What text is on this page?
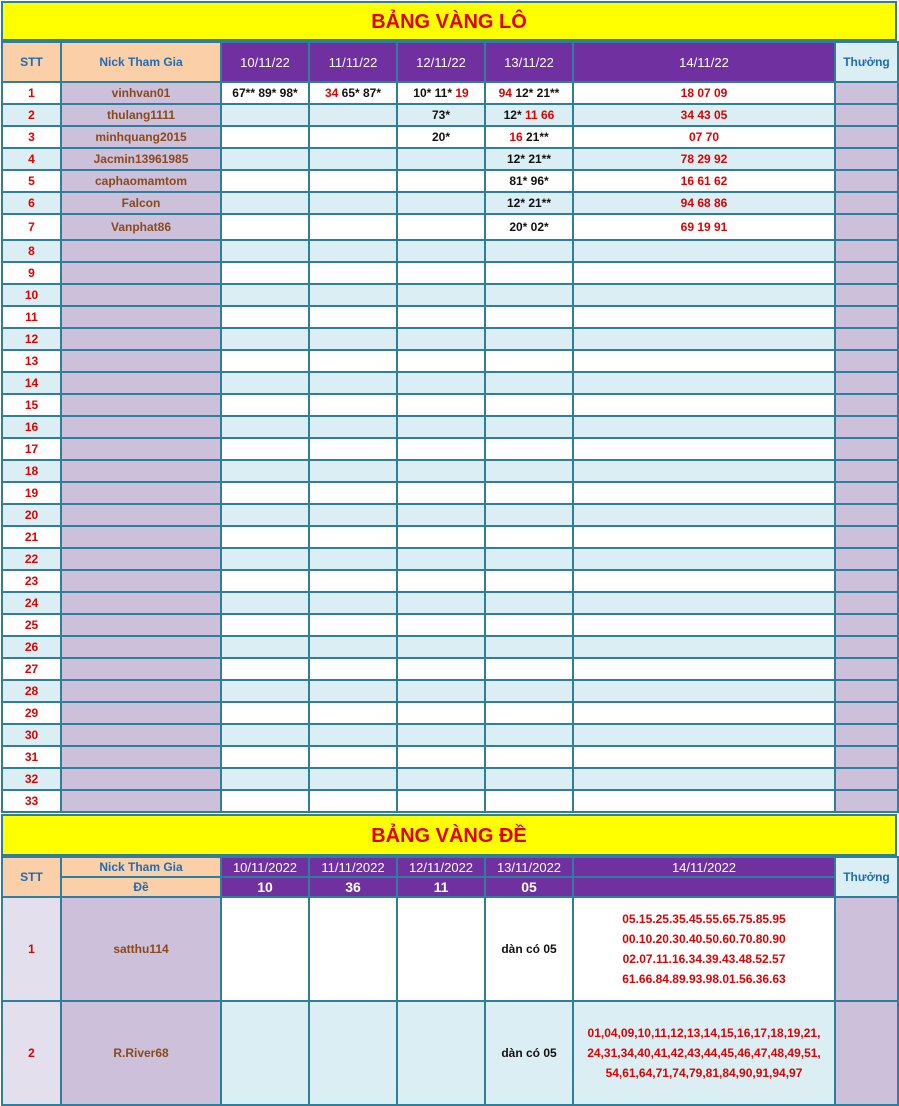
BẢNG VÀNG LÔ
STT	Nick Tham Gia	10/11/22	11/11/22	12/11/22	13/11/22	14/11/22	Thưởng
1	vinhvan01	67** 89* 98*	34 65* 87*	10* 11* 19	94 12* 21**	18 07 09	
2	thulang1111			73*	12* 11 66	34 43 05	
3	minhquang2015			20*	16 21**	07 70	
4	Jacmin13961985				12* 21**	78 29 92	
5	caphaomamtom				81* 96*	16 61 62	
6	Falcon				12* 21**	94 68 86	
7	Vanphat86				20* 02*	69 19 91	
8							
9							
10							
11							
12							
13							
14							
15							
16							
17							
18							
19							
20							
21							
22							
23							
24							
25							
26							
27							
28							
29							
30							
31							
32							
33							
BẢNG VÀNG ĐỀ
STT	Nick Tham Gia	10/11/2022	11/11/2022	12/11/2022	13/11/2022	14/11/2022	Thưởng
	Đề	10	36	11	05		
1	satthu114				dàn có 05	05.15.25.35.45.55.65.75.85.95
00.10.20.30.40.50.60.70.80.90
02.07.11.16.34.39.43.48.52.57
61.66.84.89.93.98.01.56.36.63	

2	R.River68				dàn có 05	01,04,09,10,11,12,13,14,15,16,17,18,19,21,
24,31,34,40,41,42,43,44,45,46,47,48,49,51,
54,61,64,71,74,79,81,84,90,91,94,97	
